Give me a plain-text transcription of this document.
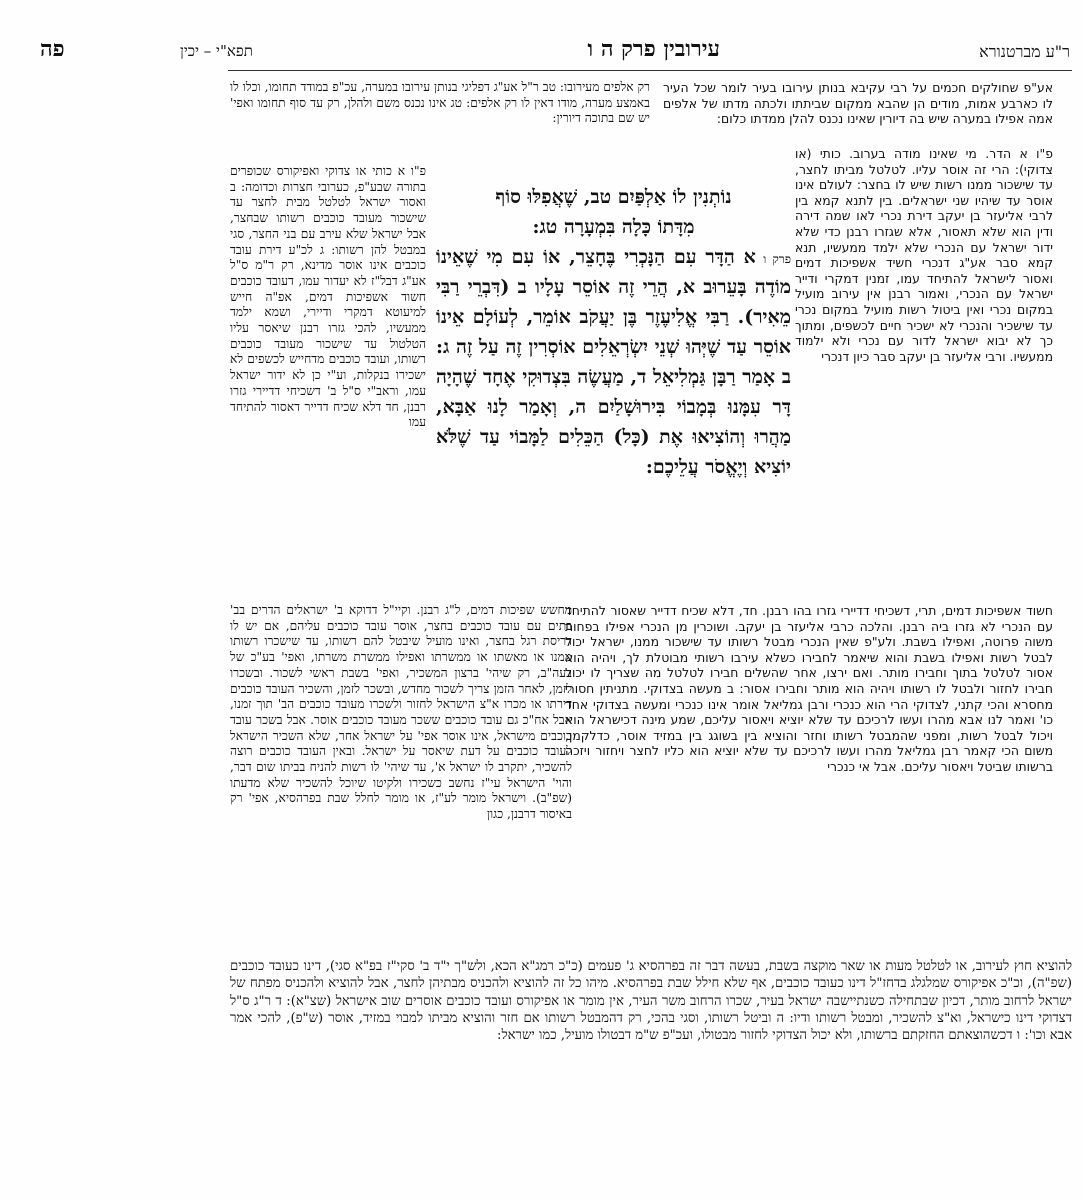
ר"ע מברטנורא
עירובין פרק ה ו
תפא"י – יכין
פה
אע"פ שחולקים חכמים על רבי עקיבא בנותן עירובו בעיר לומר שכל העיר לו כארבע אמות, מודים הן שהבא ממקום שביתתו ולכתה מדתו של אלפים אמה אפילו במערה שיש בה דיורין שאינו נכנס להלן ממדתו כלום:
פ"ו א הדר. מי שאינו מודה בערוב. כותי (או צדוקי): הרי זה אוסר עליו. לטלטל מביתו לחצר, עד שישכור ממנו רשות שיש לו בחצר: לעולם אינו אוסר עד שיהיו שני ישראלים. בין לתנא קמא בין לרבי אליעזר בן יעקב דירת נכרי לאו שמה דירה ודין הוא שלא תאסור, אלא שגזרו רבנן כדי שלא ידור ישראל עם הנכרי שלא ילמד ממעשיו, תנא קמא סבר אע"ג דנכרי חשיד אשפיכות דמים ואסור לישראל להתיחד עמו, זמנין דמקרי ודייר ישראל עם הנכרי, ואמור רבנן אין עירוב מועיל במקום נכרי ואין ביטול רשות מועיל במקום נכרי עד שישכיר והנכרי לא ישכיר חיים לכשפים, ומתוך כך לא יבוא ישראל לדור עם נכרי ולא ילמוד ממעשיו. ורבי אליעזר בן יעקב סבר כיון דנכרי
חשוד אשפיכות דמים, תרי, דשכיחי דדיירי גזרו בהו רבנן. חד, דלא שכיח דדייר שאסור להתיחד עם הנכרי לא גזרו ביה רבנן. והלכה כרבי אליעזר בן יעקב. ושוכרין מן הנכרי אפילו בפחות משוה פרוטה, ואפילו בשבת. ולע"פ שאין הנכרי מבטל רשותו עד שישכור ממנו, ישראל יכול לבטל רשות ואפילו בשבת והוא שיאמר לחבירו כשלא עירבו רשותי מבוטלת לך, ויהיה הוא אסור לטלטל בתוך וחבירו מותר. ואם ירצו, אחר שהשלים חבירו לטלטל מה שצריך לו יכול חבירו לחזור ולבטל לו רשותו ויהיה הוא מותר וחבירו אסור: ב מעשה בצדוקי. מתניתין חסורי מחסרא והכי קתני, לצדוקי הרי הוא כנכרי ורבן גמליאל אומר אינו כנכרי ומעשה בצדוקי אחד כו' ואמר לנו אבא מהרו ועשו לרכיכם עד שלא יוציא ויאסור עליכם, שמע מינה דכישראל הוא ויכול לבטל רשות, ומפני שהמבטל רשותו וחזר והוציא בין בשוגג בין במזיד אוסר, כדלקמן, משום הכי קאמר רבן גמליאל מהרו ועשו לרכיכם עד שלא יוציא הוא כליו לחצר ויחזור ויזכה ברשותו שביטל ויאסור עליכם. אבל אי כנכרי
רק אלפים מעירובו: טב ר"ל אע"ג דפליגי בנותן עירובו במערה, עכ"פ במודד תחומו, וכלו לו באמצע מערה, מודו דאין לו רק אלפים: טג אינו נכנס משם ולהלן, רק עד סוף תחומו ואפי' יש שם בתוכה דיורין:
פ"ו א כותי או צדוקי ואפיקורס שכופרים בתורה שבע"פ, כערובי חצרות וכדומה: ב ואסור ישראל לטלטל מבית לחצר עד שישכור מעובד כוכבים רשותו שבחצר, אבל ישראל שלא עירב עם בני החצר, סגי במבטל להן רשותו: ג לכ"ע דירת עובד כוכבים אינו אוסר מדינא, רק ר"מ ס"ל אע"ג דבל"ז לא יעדור עמו, דעובד כוכבים חשוד אשפיכות דמים, אפ"ה חייש למיעוטא דמקרי ודיירי, ושמא ילמד ממעשיו, להכי גזרו רבנן שיאסר עליו הטלטול עד שישכור מעובד כוכבים רשותו, ועובד כוכבים מדחייש לכשפים לא ישכירו בנקלות, וע"י כן לא ידור ישראל עמו, וראב"י ס"ל ב' דשכיחי דדיירי גזרו רבנן, חד דלא שכיח דדייר דאסור להתיחד עמו
מחשש שפיכות דמים, ל"ג רבנן. וקיי"ל דדוקא ב' ישראלים הדרים בב' בתים עם עובד כוכבים בחצר, אוסר עובד כוכבים עליהם, אם יש לו דריסת רגל בחצר, ואינו מועיל שיבטל להם רשותו, עד שישכרו רשותו ממנו או מאשתו או ממשרתו ואפילו ממשרת משרתו, ואפי' בע"כ של בעה"ב, רק שיהי' ברצון המשכיר, ואפי' בשבת ראשי לשכור. ובשכרו לזמן, לאחר הזמן צריך לשכור מחדש, ובשכר לזמן, והשכיר העובד כוכבים דירתו או מכרו א"צ הישראל לחזור ולשכרו מעובד כוכבים הב' תוך זמנו, אבל אח"כ גם עובד כוכבים ששכר מעובד כוכבים אוסר. אבל בשכר עובד כוכבים מישראל, אינו אוסר אפי' על ישראל אחר, שלא השכיר הישראל לעובד כוכבים על דעת שיאסר על ישראל. ובאין העובד כוכבים רוצה להשכיר, יתקרב לו ישראל א', עד שיהי' לו רשות להניח בביתו שום דבר, והוי' הישראל עי"ז נחשב כשכירו ולקיטו שיוכל להשכיר שלא מדעתו (שפ"ב). וישראל מומר לע"ז, או מומר לחלל שבת בפרהסיא, אפי' רק באיסור דרבנן, כגון
נוֹתְנִין לוֹ אַלְפַּיִם טב, שֶׁאֲפִלּוּ סוֹף
מִדָּתוֹ כָּלָה בִּמְעָרָה טג:
פרק ו א הַדָּר עִם הַנָּכְרִי בֶּחָצֵר, אוֹ עִם מִי שֶׁאֵינוֹ מוֹדֶה בָּעֵרוּב א, הֲרֵי זֶה אוֹסֵר עָלָיו ב (דִּבְרֵי רַבִּי מֵאִיר). רַבִּי אֱלִיעֶזֶר בֶּן יַעֲקֹב אוֹמֵר, לְעוֹלָם אֵינוֹ אוֹסֵר עַד שֶׁיְּהוּ שְׁנֵי יִשְׂרְאֵלִים אוֹסְרִין זֶה עַל זֶה ג: ב אָמַר רַבָּן גַּמְלִיאֵל ד, מַעֲשֶׂה בִּצְדוּקִי אֶחָד שֶׁהָיָה דָּר עִמָּנוּ בְּמָבוֹי בִּירוּשָׁלַיִם ה, וְאָמַר לָנוּ אַבָּא, מַהֲרוּ וְהוֹצִיאוּ אֶת (כָּל) הַכֵּלִים לַמָּבוֹי עַד שֶׁלֹּא יוֹצִיא וְיֶאֱסֹר עֲלֵיכֶם:
להוציא חוץ לעירוב, או לטלטל מעות או שאר מוקצה בשבת, בעשה דבר זה בפרהסיא ג' פעמים (כ"כ רמג"א הכא, ולש"ך י"ד ב' סקי"ז בפ"א סגי), דינו כעובד כוכבים (שפ"ה), וכ"כ אפיקורס שמלגלג בדחז"ל דינו כעובד כוכבים, אף שלא חילל שבת בפרהסיא. מיהו כל זה להוציא ולהכניס מבתיהן לחצר, אבל להוציא ולהכניס מפתח של ישראל לרחוב מותר, דכיון שבתחילה כשנתיישבה ישראל בעיר, שכרו הרחוב משר העיר, אין מומר או אפיקורס ועובד כוכבים אוסרים שוב אישראל (שצ"א): ד ר"ג ס"ל דצדוקי דינו כישראל, וא"צ להשכיר, ומבטל רשותו ודיו: ה וביטל רשותו, וסגי בהכי, רק דהמבטל רשותו אם חזר והוציא מביתו למבוי במזיד, אוסר (ש"פ), להכי אמר אבא וכו': ו דכשהוצאתם החזקתם ברשותו, ולא יכול הצדוקי לחזור מבטולו, ועכ"פ ש"מ דבטולו מועיל, כמו ישראל:
